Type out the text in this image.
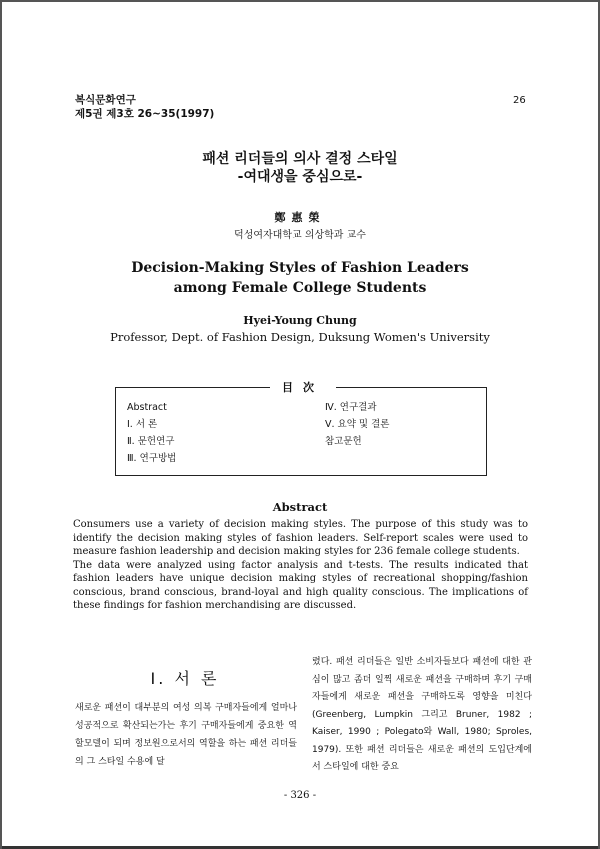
복식문화연구
제5권 제3호 26~35(1997)
26
패션 리더들의 의사 결정 스타일
-여대생을 중심으로-
鄭惠榮
덕성여자대학교 의상학과 교수
Decision-Making Styles of Fashion Leaders
among Female College Students
Hyei-Young Chung
Professor, Dept. of Fashion Design, Duksung Women's University
目次
Abstract
Ⅰ. 서 론
Ⅱ. 문헌연구
Ⅲ. 연구방법
Ⅳ. 연구결과
Ⅴ. 요약 및 결론
참고문헌
Abstract

Consumers use a variety of decision making styles. The purpose of this study was to identify the decision making styles of fashion leaders. Self-report scales were used to measure fashion leadership and decision making styles for 236 female college students.

The data were analyzed using factor analysis and t-tests. The results indicated that fashion leaders have unique decision making styles of recreational shopping/fashion conscious, brand conscious, brand-loyal and high quality conscious. The implications of these findings for fashion merchandising are discussed.

Ⅰ. 서 론

새로운 패션이 대부분의 여성 의복 구매자들에게 얼마나 성공적으로 확산되는가는 후기 구매자들에게 중요한 역할모델이 되며 정보원으로서의 역할을 하는 패션 리더들의 그 스타일 수용에 달

렸다. 패션 리더들은 일반 소비자들보다 패션에 대한 관심이 많고 좀더 일찍 새로운 패션을 구매하며 후기 구매자들에게 새로운 패션을 구매하도록 영향을 미친다(Greenberg, Lumpkin 그리고 Bruner, 1982 ; Kaiser, 1990 ; Polegato와 Wall, 1980; Sproles, 1979). 또한 패션 리더들은 새로운 패션의 도입단계에서 스타일에 대한 중요

- 326 -
